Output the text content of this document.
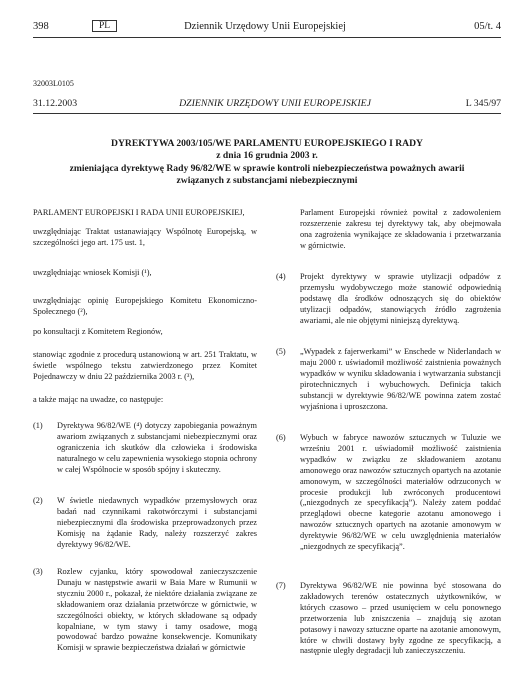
398	PL	Dziennik Urzędowy Unii Europejskiej	05/t. 4
32003L0105
31.12.2003	DZIENNIK URZĘDOWY UNII EUROPEJSKIEJ	L 345/97
DYREKTYWA 2003/105/WE PARLAMENTU EUROPEJSKIEGO I RADY
z dnia 16 grudnia 2003 r.
zmieniająca dyrektywę Rady 96/82/WE w sprawie kontroli niebezpieczeństwa poważnych awarii
związanych z substancjami niebezpiecznymi
PARLAMENT EUROPEJSKI I RADA UNII EUROPEJSKIEJ,
uwzględniając Traktat ustanawiający Wspólnotę Europejską, w szczególności jego art. 175 ust. 1,
uwzględniając wniosek Komisji (¹),
uwzględniając opinię Europejskiego Komitetu Ekonomiczno-Społecznego (²),
po konsultacji z Komitetem Regionów,
stanowiąc zgodnie z procedurą ustanowioną w art. 251 Traktatu, w świetle wspólnego tekstu zatwierdzonego przez Komitet Pojednawczy w dniu 22 października 2003 r. (³),
a także mając na uwadze, co następuje:
(1) Dyrektywa 96/82/WE (⁴) dotyczy zapobiegania poważnym awariom związanych z substancjami niebezpiecznymi oraz ograniczenia ich skutków dla człowieka i środowiska naturalnego w celu zapewnienia wysokiego stopnia ochrony w całej Wspólnocie w sposób spójny i skuteczny.
(2) W świetle niedawnych wypadków przemysłowych oraz badań nad czynnikami rakotwórczymi i substancjami niebezpiecznymi dla środowiska przeprowadzonych przez Komisję na żądanie Rady, należy rozszerzyć zakres dyrektywy 96/82/WE.
(3) Rozlew cyjanku, który spowodował zanieczyszczenie Dunaju w następstwie awarii w Baia Mare w Rumunii w styczniu 2000 r., pokazał, że niektóre działania związane ze składowaniem oraz działania przetwórcze w górnictwie, w szczególności obiekty, w których składowane są odpady kopalniane, w tym stawy i tamy osadowe, mogą powodować bardzo poważne konsekwencje. Komunikaty Komisji w sprawie bezpieczeństwa działań w górnictwie
Parlament Europejski również powitał z zadowoleniem rozszerzenie zakresu tej dyrektywy tak, aby obejmowała ona zagrożenia wynikające ze składowania i przetwarzania w górnictwie.
(4) Projekt dyrektywy w sprawie utylizacji odpadów z przemysłu wydobywczego może stanowić odpowiednią podstawę dla środków odnoszących się do obiektów utylizacji odpadów, stanowiących źródło zagrożenia awariami, ale nie objętymi niniejszą dyrektywą.
(5) „Wypadek z fajerwerkami” w Enschede w Niderlandach w maju 2000 r. uświadomił możliwość zaistnienia poważnych wypadków w wyniku składowania i wytwarzania substancji pirotechnicznych i wybuchowych. Definicja takich substancji w dyrektywie 96/82/WE powinna zatem zostać wyjaśniona i uproszczona.
(6) Wybuch w fabryce nawozów sztucznych w Tuluzie we wrześniu 2001 r. uświadomił możliwość zaistnienia wypadków w związku ze składowaniem azotanu amonowego oraz nawozów sztucznych opartych na azotanie amonowym, w szczególności materiałów odrzuconych w procesie produkcji lub zwróconych producentowi („niezgodnych ze specyfikacją”). Należy zatem poddać przeglądowi obecne kategorie azotanu amonowego i nawozów sztucznych opartych na azotanie amonowym w dyrektywie 96/82/WE w celu uwzględnienia materiałów „niezgodnych ze specyfikacją”.
(7) Dyrektywa 96/82/WE nie powinna być stosowana do zakładowych terenów ostatecznych użytkowników, w których czasowo – przed usunięciem w celu ponownego przetworzenia lub zniszczenia – znajdują się azotan potasowy i nawozy sztuczne oparte na azotanie amonowym, które w chwili dostawy były zgodne ze specyfikacją, a następnie uległy degradacji lub zanieczyszczeniu.
